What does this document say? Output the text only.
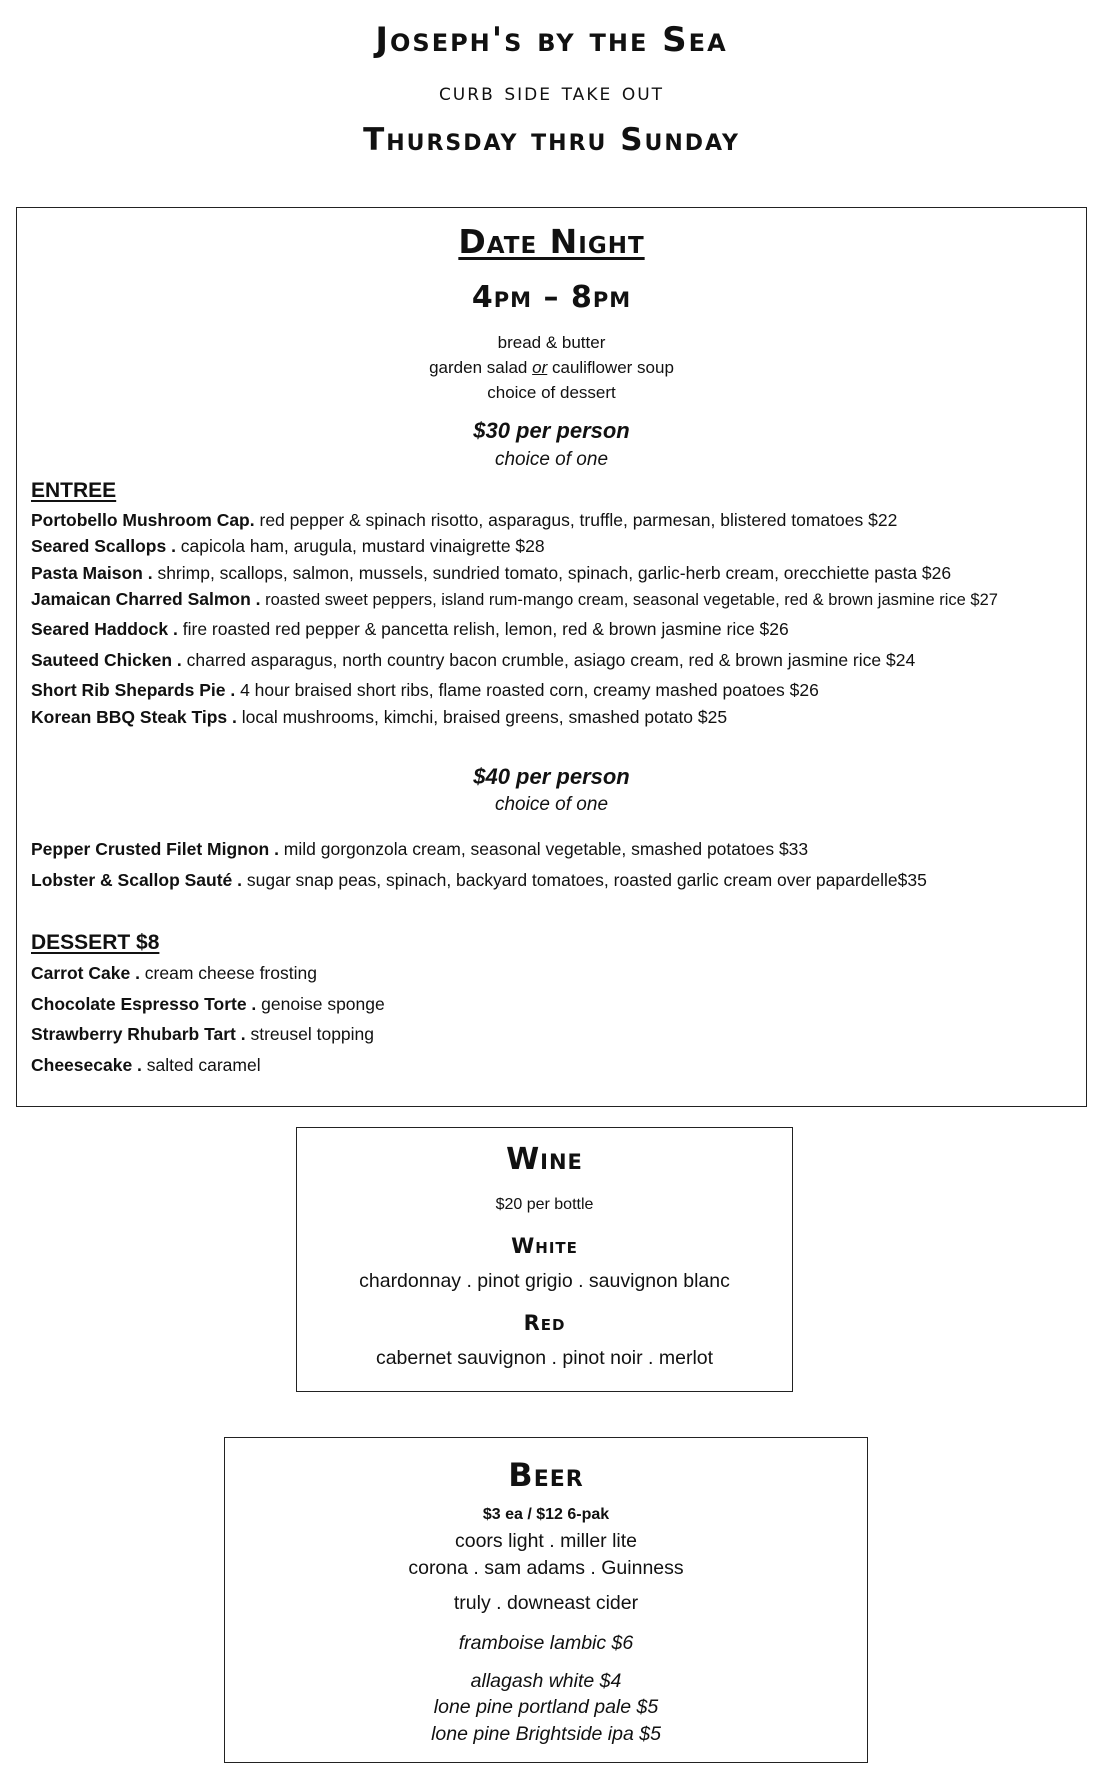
Joseph's by the Sea
curb side take out
Thursday thru Sunday
Date Night
4pm – 8pm
bread & butter
garden salad or cauliflower soup
choice of dessert
$30 per person
choice of one
ENTREE
Portobello Mushroom Cap. red pepper & spinach risotto, asparagus, truffle, parmesan, blistered tomatoes $22
Seared Scallops . capicola ham, arugula, mustard vinaigrette $28
Pasta Maison . shrimp, scallops, salmon, mussels, sundried tomato, spinach, garlic-herb cream, orecchiette pasta $26
Jamaican Charred Salmon . roasted sweet peppers, island rum-mango cream, seasonal vegetable, red & brown jasmine rice $27
Seared Haddock . fire roasted red pepper & pancetta relish, lemon, red & brown jasmine rice $26
Sauteed Chicken . charred asparagus, north country bacon crumble, asiago cream, red & brown jasmine rice $24
Short Rib Shepards Pie . 4 hour braised short ribs, flame roasted corn, creamy mashed poatoes $26
Korean BBQ Steak Tips . local mushrooms, kimchi, braised greens, smashed potato $25
$40 per person
choice of one
Pepper Crusted Filet Mignon . mild gorgonzola cream, seasonal vegetable, smashed potatoes $33
Lobster & Scallop Sauté . sugar snap peas, spinach, backyard tomatoes, roasted garlic cream over papardelle$35
DESSERT $8
Carrot Cake . cream cheese frosting
Chocolate Espresso Torte . genoise sponge
Strawberry Rhubarb Tart . streusel topping
Cheesecake . salted caramel
Wine
$20 per bottle
White
chardonnay . pinot grigio . sauvignon blanc
Red
cabernet sauvignon . pinot noir . merlot
Beer
$3 ea / $12 6-pak
coors light . miller lite
corona . sam adams . Guinness
truly . downeast cider
framboise lambic $6
allagash white $4
lone pine portland pale $5
lone pine Brightside ipa $5
